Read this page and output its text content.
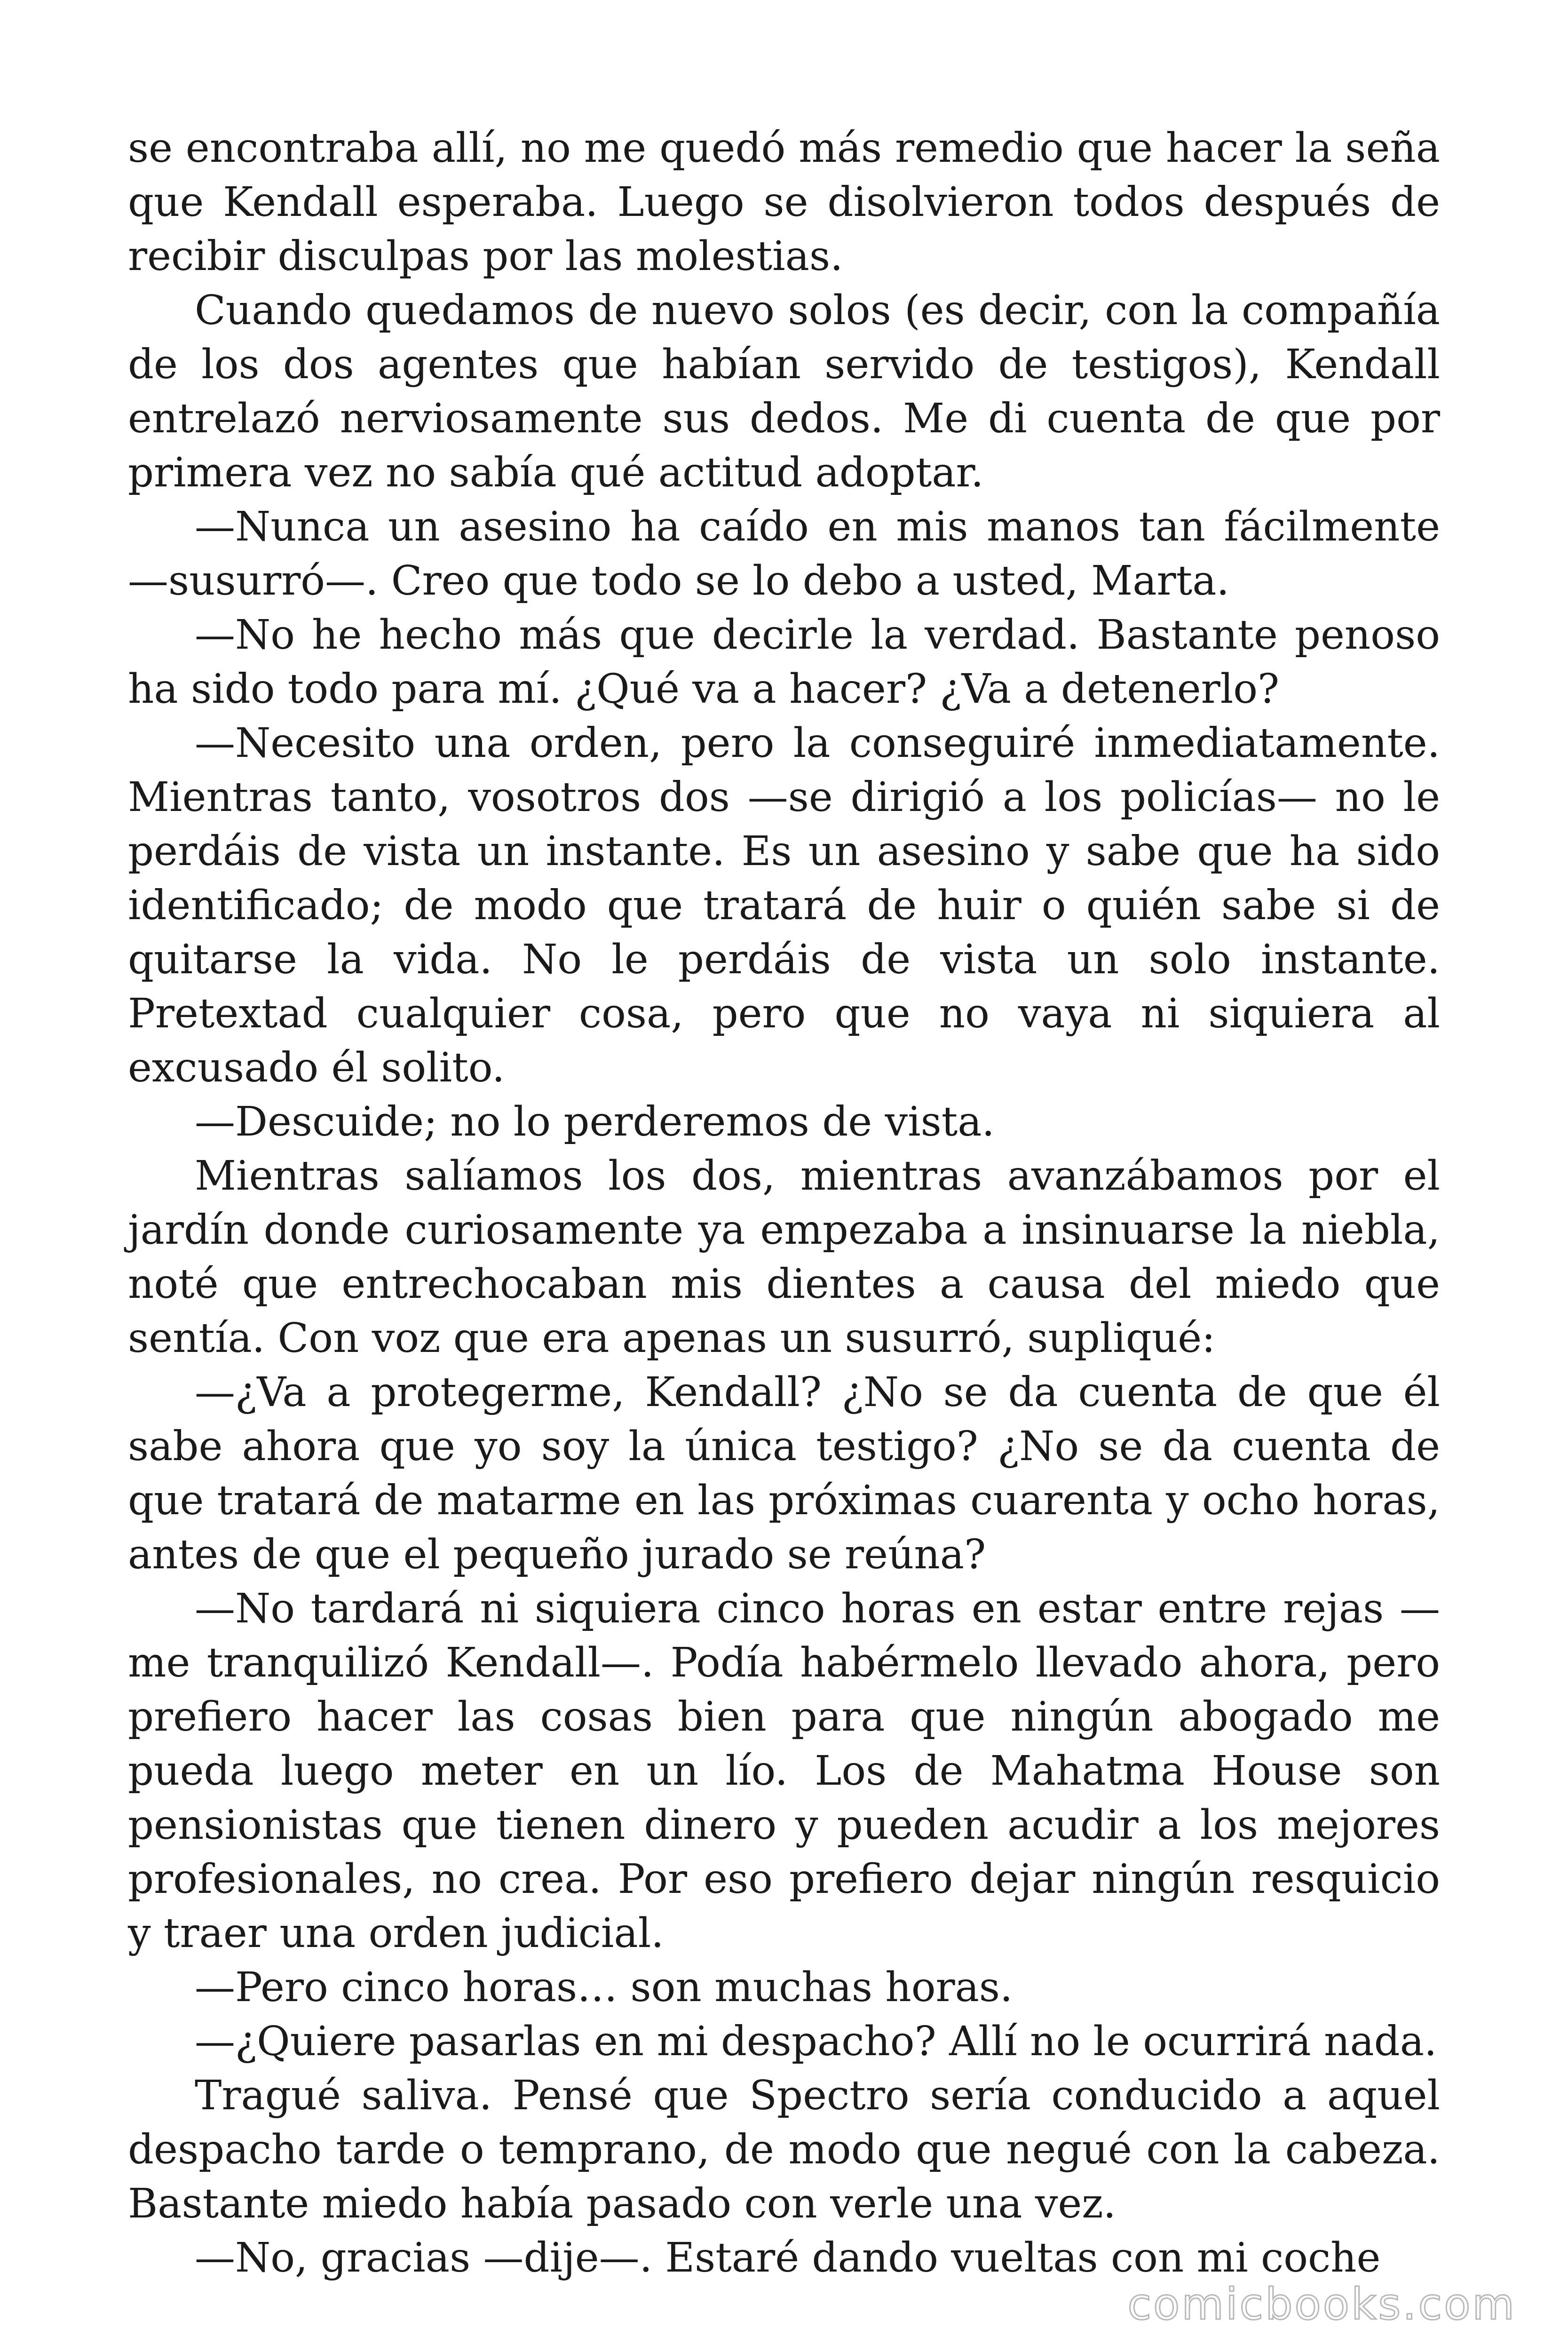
se encontraba allí, no me quedó más remedio que hacer la seña que Kendall esperaba. Luego se disolvieron todos después de recibir disculpas por las molestias.

Cuando quedamos de nuevo solos (es decir, con la compañía de los dos agentes que habían servido de testigos), Kendall entrelazó nerviosamente sus dedos. Me di cuenta de que por primera vez no sabía qué actitud adoptar.

—Nunca un asesino ha caído en mis manos tan fácilmente —susurró—. Creo que todo se lo debo a usted, Marta.

—No he hecho más que decirle la verdad. Bastante penoso ha sido todo para mí. ¿Qué va a hacer? ¿Va a detenerlo?

—Necesito una orden, pero la conseguiré inmediatamente. Mientras tanto, vosotros dos —se dirigió a los policías— no le perdáis de vista un instante. Es un asesino y sabe que ha sido identificado; de modo que tratará de huir o quién sabe si de quitarse la vida. No le perdáis de vista un solo instante. Pretextad cualquier cosa, pero que no vaya ni siquiera al excusado él solito.

—Descuide; no lo perderemos de vista.

Mientras salíamos los dos, mientras avanzábamos por el jardín donde curiosamente ya empezaba a insinuarse la niebla, noté que entrechocaban mis dientes a causa del miedo que sentía. Con voz que era apenas un susurró, supliqué:

—¿Va a protegerme, Kendall? ¿No se da cuenta de que él sabe ahora que yo soy la única testigo? ¿No se da cuenta de que tratará de matarme en las próximas cuarenta y ocho horas, antes de que el pequeño jurado se reúna?

—No tardará ni siquiera cinco horas en estar entre rejas —me tranquilizó Kendall—. Podía habérmelo llevado ahora, pero prefiero hacer las cosas bien para que ningún abogado me pueda luego meter en un lío. Los de Mahatma House son pensionistas que tienen dinero y pueden acudir a los mejores profesionales, no crea. Por eso prefiero dejar ningún resquicio y traer una orden judicial.

—Pero cinco horas… son muchas horas.

—¿Quiere pasarlas en mi despacho? Allí no le ocurrirá nada.

Tragué saliva. Pensé que Spectro sería conducido a aquel despacho tarde o temprano, de modo que negué con la cabeza. Bastante miedo había pasado con verle una vez.

—No, gracias —dije—. Estaré dando vueltas con mi coche

comicbooks.com
